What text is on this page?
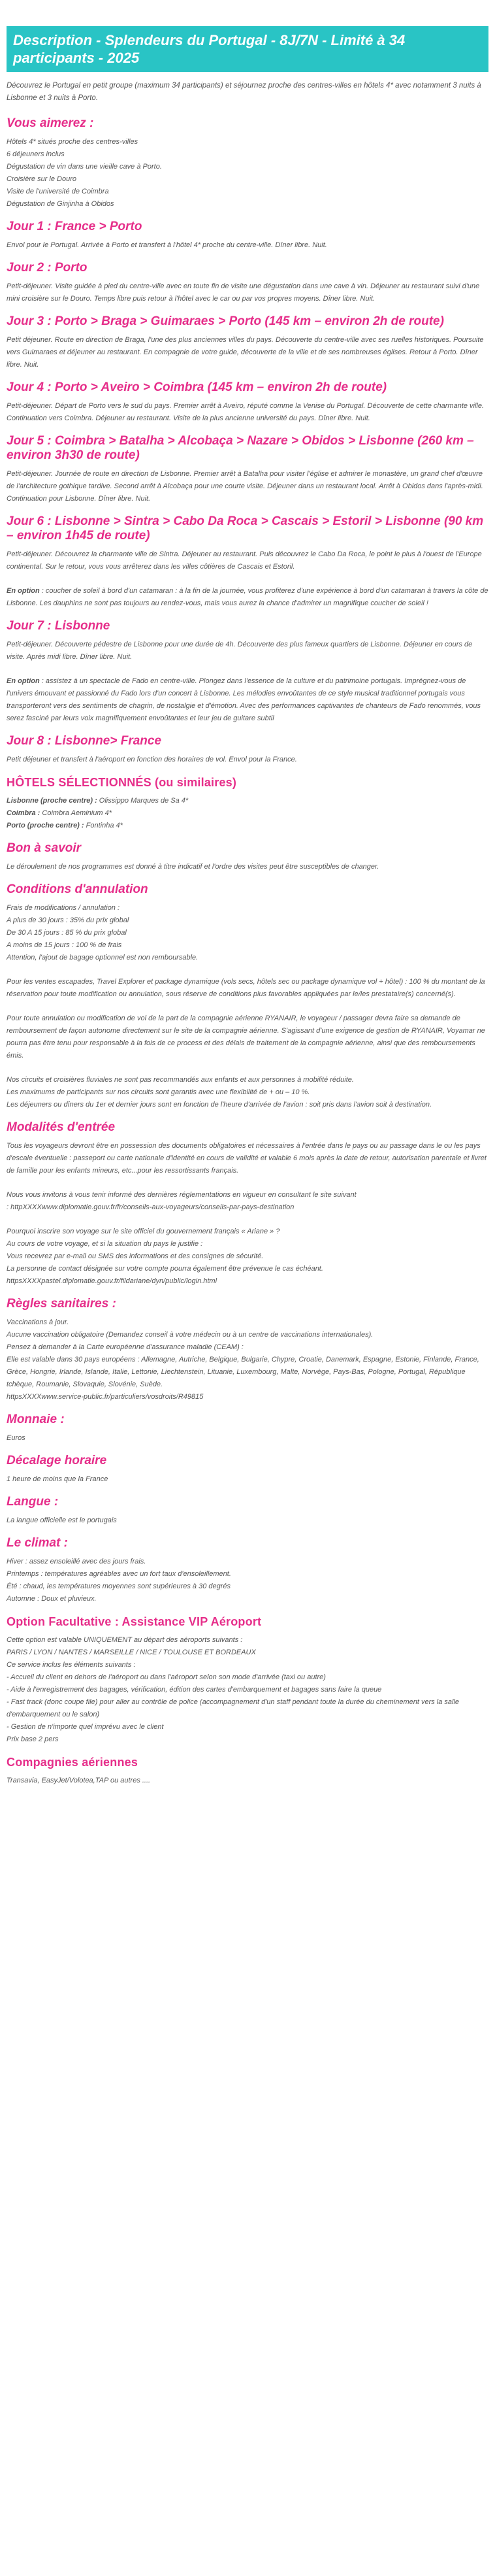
Description - Splendeurs du Portugal - 8J/7N - Limité à 34 participants - 2025

Découvrez le Portugal en petit groupe (maximum 34 participants) et séjournez proche des centres-villes en hôtels 4* avec notamment 3 nuits à Lisbonne et 3 nuits à Porto.

Vous aimerez :
Hôtels 4* situés proche des centres-villes
6 déjeuners inclus
Dégustation de vin dans une vieille cave à Porto.
Croisière sur le Douro
Visite de l'université de Coimbra
Dégustation de Ginjinha à Obidos
Jour 1 : France > Porto

Envol pour le Portugal. Arrivée à Porto et transfert à l'hôtel 4* proche du centre-ville. Dîner libre. Nuit.

Jour 2 : Porto

Petit-déjeuner. Visite guidée à pied du centre-ville avec en toute fin de visite une dégustation dans une cave à vin. Déjeuner au restaurant suivi d'une mini croisière sur le Douro. Temps libre puis retour à l'hôtel avec le car ou par vos propres moyens. Dîner libre. Nuit.

Jour 3 : Porto > Braga > Guimaraes > Porto (145 km – environ 2h de route)

Petit déjeuner. Route en direction de Braga, l'une des plus anciennes villes du pays. Découverte du centre-ville avec ses ruelles historiques. Poursuite vers Guimaraes et déjeuner au restaurant. En compagnie de votre guide, découverte de la ville et de ses nombreuses églises. Retour à Porto. Dîner libre. Nuit.

Jour 4 : Porto > Aveiro > Coimbra (145 km – environ 2h de route)

Petit-déjeuner. Départ de Porto vers le sud du pays. Premier arrêt à Aveiro, réputé comme la Venise du Portugal. Découverte de cette charmante ville. Continuation vers Coimbra. Déjeuner au restaurant. Visite de la plus ancienne université du pays. Dîner libre. Nuit.

Jour 5 : Coimbra > Batalha > Alcobaça > Nazare > Obidos > Lisbonne (260 km – environ 3h30 de route)

Petit-déjeuner. Journée de route en direction de Lisbonne. Premier arrêt à Batalha pour visiter l'église et admirer le monastère, un grand chef d'œuvre de l'architecture gothique tardive. Second arrêt à Alcobaça pour une courte visite. Déjeuner dans un restaurant local. Arrêt à Obidos dans l'après-midi. Continuation pour Lisbonne. Dîner libre. Nuit.

Jour 6 : Lisbonne > Sintra > Cabo Da Roca > Cascais > Estoril > Lisbonne (90 km – environ 1h45 de route)

Petit-déjeuner. Découvrez la charmante ville de Sintra. Déjeuner au restaurant. Puis découvrez le Cabo Da Roca, le point le plus à l'ouest de l'Europe continental. Sur le retour, vous vous arrêterez dans les villes côtières de Cascais et Estoril.

En option : coucher de soleil à bord d'un catamaran : à la fin de la journée, vous profiterez d'une expérience à bord d'un catamaran à travers la côte de Lisbonne. Les dauphins ne sont pas toujours au rendez-vous, mais vous aurez la chance d'admirer un magnifique coucher de soleil !

Jour 7 : Lisbonne

Petit-déjeuner. Découverte pédestre de Lisbonne pour une durée de 4h. Découverte des plus fameux quartiers de Lisbonne. Déjeuner en cours de visite. Après midi libre. Dîner libre. Nuit.

En option : assistez à un spectacle de Fado en centre-ville. Plongez dans l'essence de la culture et du patrimoine portugais. Imprégnez-vous de l'univers émouvant et passionné du Fado lors d'un concert à Lisbonne. Les mélodies envoûtantes de ce style musical traditionnel portugais vous transporteront vers des sentiments de chagrin, de nostalgie et d'émotion. Avec des performances captivantes de chanteurs de Fado renommés, vous serez fasciné par leurs voix magnifiquement envoûtantes et leur jeu de guitare subtil

Jour 8 : Lisbonne> France

Petit déjeuner et transfert à l'aéroport en fonction des horaires de vol. Envol pour la France.

HÔTELS SÉLECTIONNÉS (ou similaires)
Lisbonne (proche centre) : Olissippo Marques de Sa 4*
Coimbra : Coimbra Aeminium 4*
Porto (proche centre) : Fontinha 4*
Bon à savoir

Le déroulement de nos programmes est donné à titre indicatif et l'ordre des visites peut être susceptibles de changer.

Conditions d'annulation
Frais de modifications / annulation :
A plus de 30 jours : 35% du prix global
De 30 A 15 jours : 85 % du prix global
A moins de 15 jours : 100 % de frais
Attention, l'ajout de bagage optionnel est non remboursable.

Pour les ventes escapades, Travel Explorer et package dynamique (vols secs, hôtels sec ou package dynamique vol + hôtel) : 100 % du montant de la réservation pour toute modification ou annulation, sous réserve de conditions plus favorables appliquées par le/les prestataire(s) concerné(s).

Pour toute annulation ou modification de vol de la part de la compagnie aérienne RYANAIR, le voyageur / passager devra faire sa demande de remboursement de façon autonome directement sur le site de la compagnie aérienne. S'agissant d'une exigence de gestion de RYANAIR, Voyamar ne pourra pas être tenu pour responsable à la fois de ce process et des délais de traitement de la compagnie aérienne, ainsi que des remboursements émis.

Nos circuits et croisières fluviales ne sont pas recommandés aux enfants et aux personnes à mobilité réduite.
Les maximums de participants sur nos circuits sont garantis avec une flexibilité de + ou – 10 %.
Les déjeuners ou dîners du 1er et dernier jours sont en fonction de l'heure d'arrivée de l'avion : soit pris dans l'avion soit à destination.
Modalités d'entrée

Tous les voyageurs devront être en possession des documents obligatoires et nécessaires à l'entrée dans le pays ou au passage dans le ou les pays d'escale éventuelle : passeport ou carte nationale d'identité en cours de validité et valable 6 mois après la date de retour, autorisation parentale et livret de famille pour les enfants mineurs, etc...pour les ressortissants français.

Nous vous invitons à vous tenir informé des dernières réglementations en vigueur en consultant le site suivant
: httpXXXXwww.diplomatie.gouv.fr/fr/conseils-aux-voyageurs/conseils-par-pays-destination
Pourquoi inscrire son voyage sur le site officiel du gouvernement français « Ariane » ?
Au cours de votre voyage, et si la situation du pays le justifie :
Vous recevrez par e-mail ou SMS des informations et des consignes de sécurité.
La personne de contact désignée sur votre compte pourra également être prévenue le cas échéant.
httpsXXXXpastel.diplomatie.gouv.fr/fildariane/dyn/public/login.html
Règles sanitaires :
Vaccinations à jour.
Aucune vaccination obligatoire (Demandez conseil à votre médecin ou à un centre de vaccinations internationales).
Pensez à demander à la Carte européenne d'assurance maladie (CEAM) :
Elle est valable dans 30 pays européens : Allemagne, Autriche, Belgique, Bulgarie, Chypre, Croatie, Danemark, Espagne, Estonie, Finlande, France, Grèce, Hongrie, Irlande, Islande, Italie, Lettonie, Liechtenstein, Lituanie, Luxembourg, Malte, Norvège, Pays-Bas, Pologne, Portugal, République tchèque, Roumanie, Slovaquie, Slovénie, Suède.
httpsXXXXwww.service-public.fr/particuliers/vosdroits/R49815
Monnaie :

Euros

Décalage horaire

1 heure de moins que la France

Langue :

La langue officielle est le portugais

Le climat :
Hiver : assez ensoleillé avec des jours frais.
Printemps : températures agréables avec un fort taux d'ensoleillement.
Été : chaud, les températures moyennes sont supérieures à 30 degrés
Automne : Doux et pluvieux.
Option Facultative : Assistance VIP Aéroport
Cette option est valable UNIQUEMENT au départ des aéroports suivants :
PARIS / LYON / NANTES / MARSEILLE / NICE / TOULOUSE ET BORDEAUX
Ce service inclus les éléments suivants :
- Accueil du client en dehors de l'aéroport ou dans l'aéroport selon son mode d'arrivée (taxi ou autre)
- Aide à l'enregistrement des bagages, vérification, édition des cartes d'embarquement et bagages sans faire la queue
- Fast track (donc coupe file) pour aller au contrôle de police (accompagnement d'un staff pendant toute la durée du cheminement vers la salle d'embarquement ou le salon)
- Gestion de n'importe quel imprévu avec le client
Prix base 2 pers
Compagnies aériennes

Transavia, EasyJet/Volotea,TAP ou autres ....
